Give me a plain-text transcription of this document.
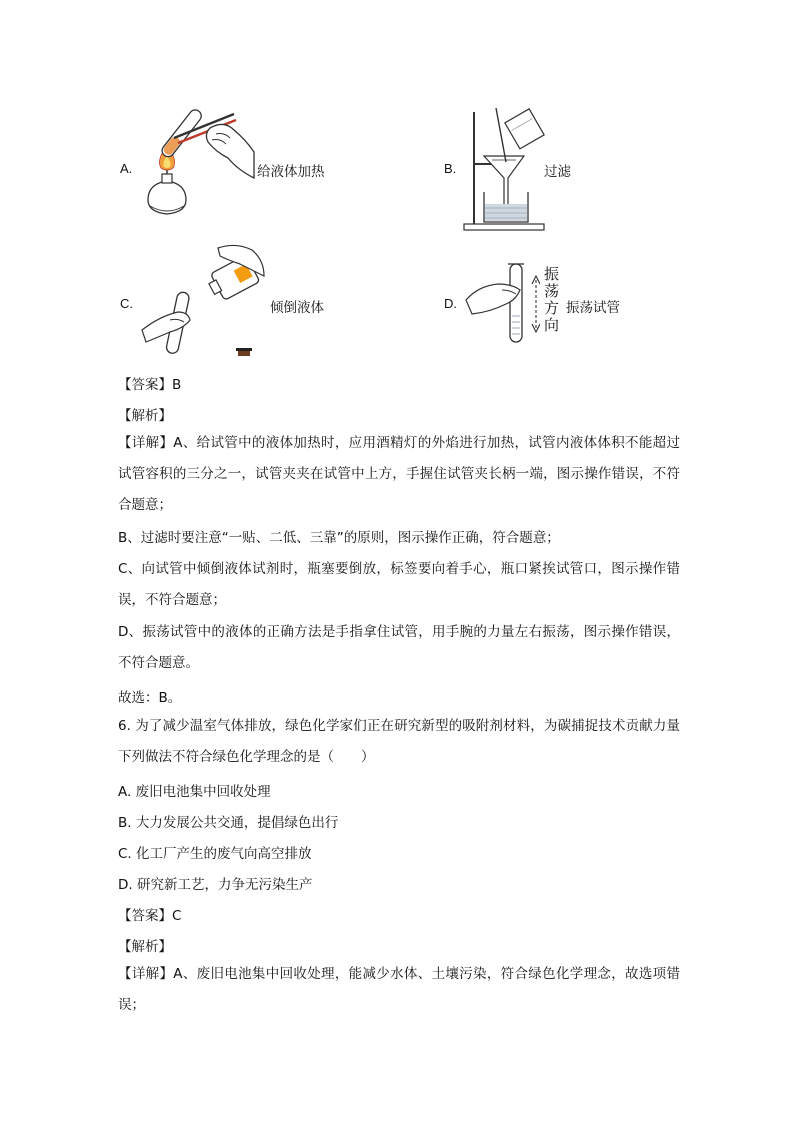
A.	给液体加热	B.	过滤
C.	倾倒液体	D.
振
荡
方
向
振荡试管
【答案】B
【解析】

【详解】A、给试管中的液体加热时，应用酒精灯的外焰进行加热，试管内液体体积不能超过试管容积的三分之一，试管夹夹在试管中上方，手握住试管夹长柄一端，图示操作错误，不符合题意；

B、过滤时要注意“一贴、二低、三靠”的原则，图示操作正确，符合题意；

C、向试管中倾倒液体试剂时，瓶塞要倒放，标签要向着手心，瓶口紧挨试管口，图示操作错误，不符合题意；

D、振荡试管中的液体的正确方法是手指拿住试管，用手腕的力量左右振荡，图示操作错误，不符合题意。

故选：B。

6. 为了减少温室气体排放，绿色化学家们正在研究新型的吸附剂材料，为碳捕捉技术贡献力量下列做法不符合绿色化学理念的是（　　）

A. 废旧电池集中回收处理
B. 大力发展公共交通，提倡绿色出行
C. 化工厂产生的废气向高空排放
D. 研究新工艺，力争无污染生产
【答案】C
【解析】

【详解】A、废旧电池集中回收处理，能减少水体、土壤污染，符合绿色化学理念，故选项错误；
